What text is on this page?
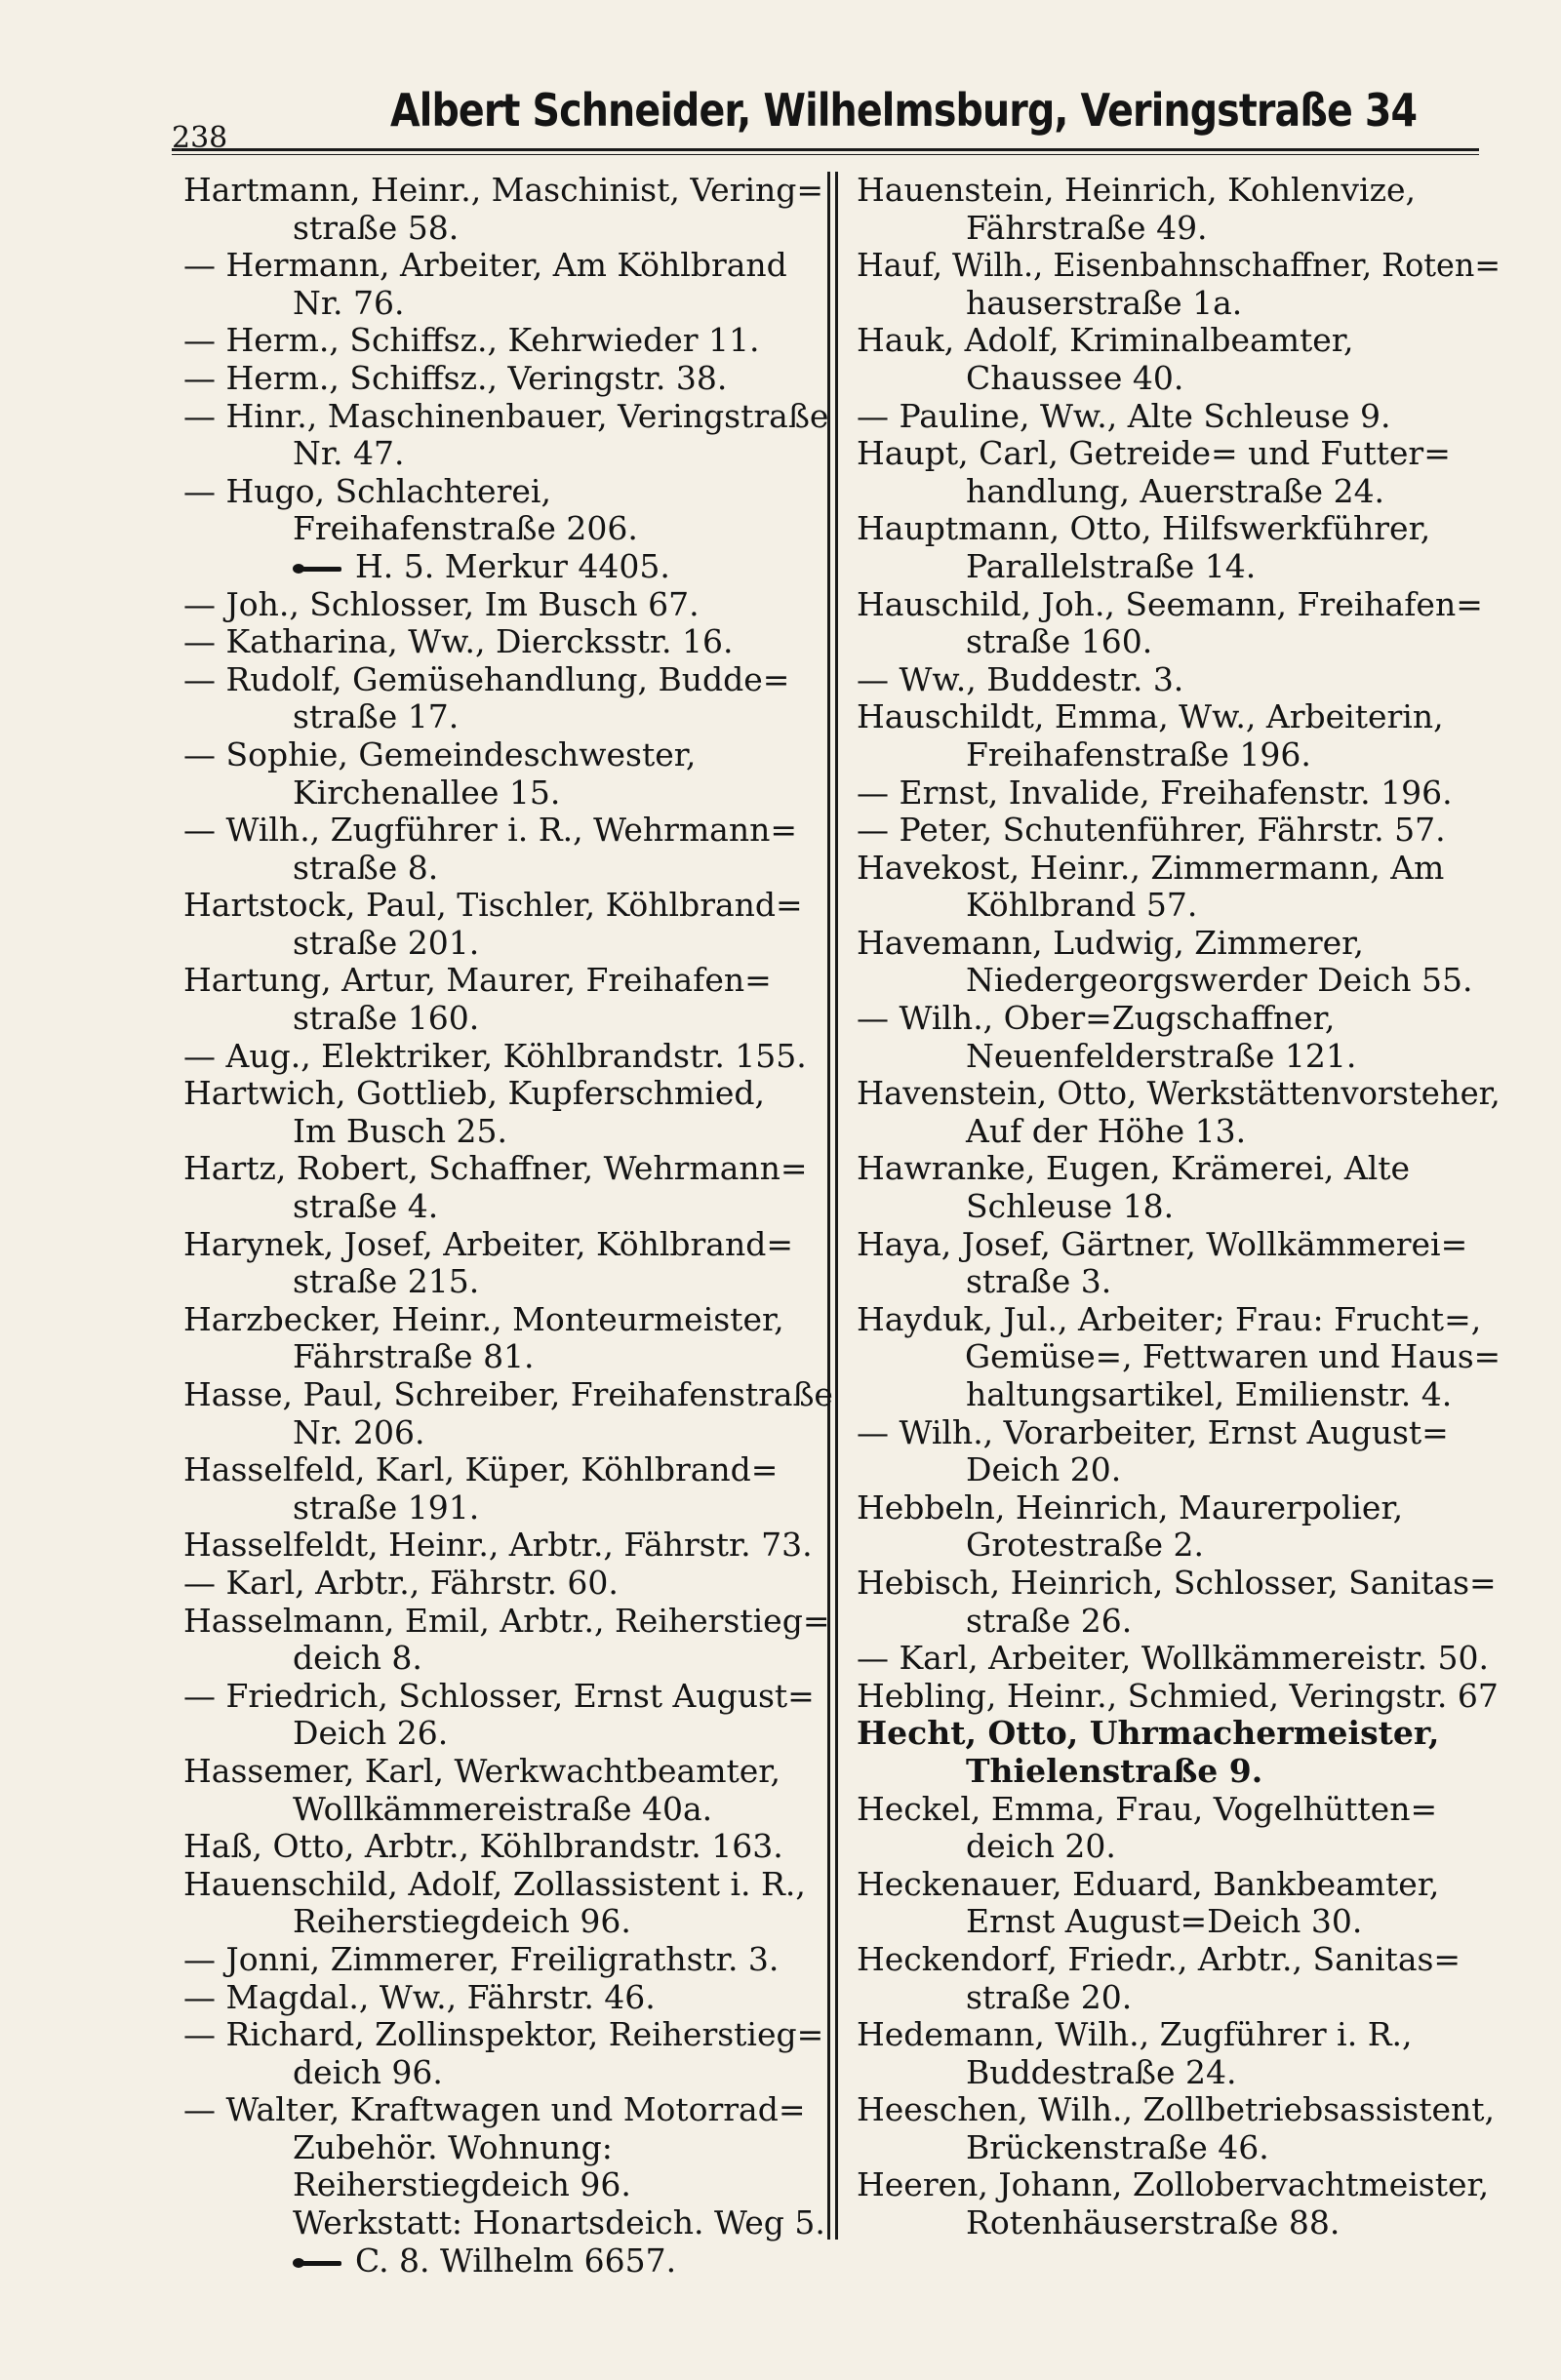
238
Albert Schneider, Wilhelmsburg, Veringstraße 34
Hartmann, Heinr., Maschinist, Vering=
straße 58.
— Hermann, Arbeiter, Am Köhlbrand
Nr. 76.
— Herm., Schiffsz., Kehrwieder 11.
— Herm., Schiffsz., Veringstr. 38.
— Hinr., Maschinenbauer, Veringstraße
Nr. 47.
— Hugo, Schlachterei,
Freihafenstraße 206.
H. 5. Merkur 4405.
— Joh., Schlosser, Im Busch 67.
— Katharina, Ww., Diercksstr. 16.
— Rudolf, Gemüsehandlung, Budde=
straße 17.
— Sophie, Gemeindeschwester,
Kirchenallee 15.
— Wilh., Zugführer i. R., Wehrmann=
straße 8.
Hartstock, Paul, Tischler, Köhlbrand=
straße 201.
Hartung, Artur, Maurer, Freihafen=
straße 160.
— Aug., Elektriker, Köhlbrandstr. 155.
Hartwich, Gottlieb, Kupferschmied,
Im Busch 25.
Hartz, Robert, Schaffner, Wehrmann=
straße 4.
Harynek, Josef, Arbeiter, Köhlbrand=
straße 215.
Harzbecker, Heinr., Monteurmeister,
Fährstraße 81.
Hasse, Paul, Schreiber, Freihafenstraße
Nr. 206.
Hasselfeld, Karl, Küper, Köhlbrand=
straße 191.
Hasselfeldt, Heinr., Arbtr., Fährstr. 73.
— Karl, Arbtr., Fährstr. 60.
Hasselmann, Emil, Arbtr., Reiherstieg=
deich 8.
— Friedrich, Schlosser, Ernst August=
Deich 26.
Hassemer, Karl, Werkwachtbeamter,
Wollkämmereistraße 40a.
Haß, Otto, Arbtr., Köhlbrandstr. 163.
Hauenschild, Adolf, Zollassistent i. R.,
Reiherstiegdeich 96.
— Jonni, Zimmerer, Freiligrathstr. 3.
— Magdal., Ww., Fährstr. 46.
— Richard, Zollinspektor, Reiherstieg=
deich 96.
— Walter, Kraftwagen und Motorrad=
Zubehör. Wohnung:
Reiherstiegdeich 96.
Werkstatt: Honartsdeich. Weg 5.
C. 8. Wilhelm 6657.
Hauenstein, Heinrich, Kohlenvize,
Fährstraße 49.
Hauf, Wilh., Eisenbahnschaffner, Roten=
hauserstraße 1a.
Hauk, Adolf, Kriminalbeamter,
Chaussee 40.
— Pauline, Ww., Alte Schleuse 9.
Haupt, Carl, Getreide= und Futter=
handlung, Auerstraße 24.
Hauptmann, Otto, Hilfswerkführer,
Parallelstraße 14.
Hauschild, Joh., Seemann, Freihafen=
straße 160.
— Ww., Buddestr. 3.
Hauschildt, Emma, Ww., Arbeiterin,
Freihafenstraße 196.
— Ernst, Invalide, Freihafenstr. 196.
— Peter, Schutenführer, Fährstr. 57.
Havekost, Heinr., Zimmermann, Am
Köhlbrand 57.
Havemann, Ludwig, Zimmerer,
Niedergeorgswerder Deich 55.
— Wilh., Ober=Zugschaffner,
Neuenfelderstraße 121.
Havenstein, Otto, Werkstättenvorsteher,
Auf der Höhe 13.
Hawranke, Eugen, Krämerei, Alte
Schleuse 18.
Haya, Josef, Gärtner, Wollkämmerei=
straße 3.
Hayduk, Jul., Arbeiter; Frau: Frucht=,
Gemüse=, Fettwaren und Haus=
haltungsartikel, Emilienstr. 4.
— Wilh., Vorarbeiter, Ernst August=
Deich 20.
Hebbeln, Heinrich, Maurerpolier,
Grotestraße 2.
Hebisch, Heinrich, Schlosser, Sanitas=
straße 26.
— Karl, Arbeiter, Wollkämmereistr. 50.
Hebling, Heinr., Schmied, Veringstr. 67
Hecht, Otto, Uhrmachermeister,
Thielenstraße 9.
Heckel, Emma, Frau, Vogelhütten=
deich 20.
Heckenauer, Eduard, Bankbeamter,
Ernst August=Deich 30.
Heckendorf, Friedr., Arbtr., Sanitas=
straße 20.
Hedemann, Wilh., Zugführer i. R.,
Buddestraße 24.
Heeschen, Wilh., Zollbetriebsassistent,
Brückenstraße 46.
Heeren, Johann, Zollobervachtmeister,
Rotenhäuserstraße 88.
